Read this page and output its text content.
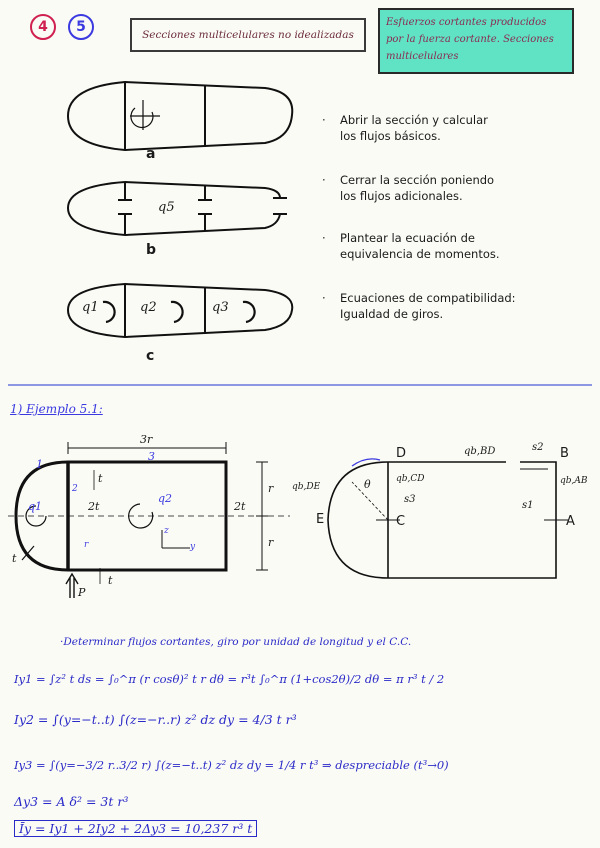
4	5	Secciones multicelulares no idealizadas
Esfuerzos cortantes producidos por la fuerza cortante. Secciones multicelulares
a
b
c
q5
q1	q2	q3
·	Abrir la sección y calcular
los flujos básicos.
·	Cerrar la sección poniendo
los flujos adicionales.
·	Plantear la ecuación de
equivalencia de momentos.
·	Ecuaciones de compatibilidad:
Igualdad de giros.
1) Ejemplo 5.1:
3r
1
2
3
t
2t	2t
r
r
q1
q2
z
y
r
t
t
P
D	B
E	C	A
qb,BD
qb,AB
qb,CD
qb,DE	θ
s1
s2
s3
·Determinar flujos cortantes, giro por unidad de longitud y el C.C.
Iy1 = ∫z² t ds = ∫₀^π (r cosθ)² t r dθ = r³t ∫₀^π (1+cos2θ)/2 dθ = π r³ t / 2
Iy2 = ∫(y=−t..t) ∫(z=−r..r) z² dz dy = 4/3 t r³
Iy3 = ∫(y=−3/2 r..3/2 r) ∫(z=−t..t) z² dz dy = 1/4 r t³ ⇒ despreciable (t³→0)
Δy3 = A δ² = 3t r³
Īy = Iy1 + 2Iy2 + 2Δy3 = 10,237 r³ t
